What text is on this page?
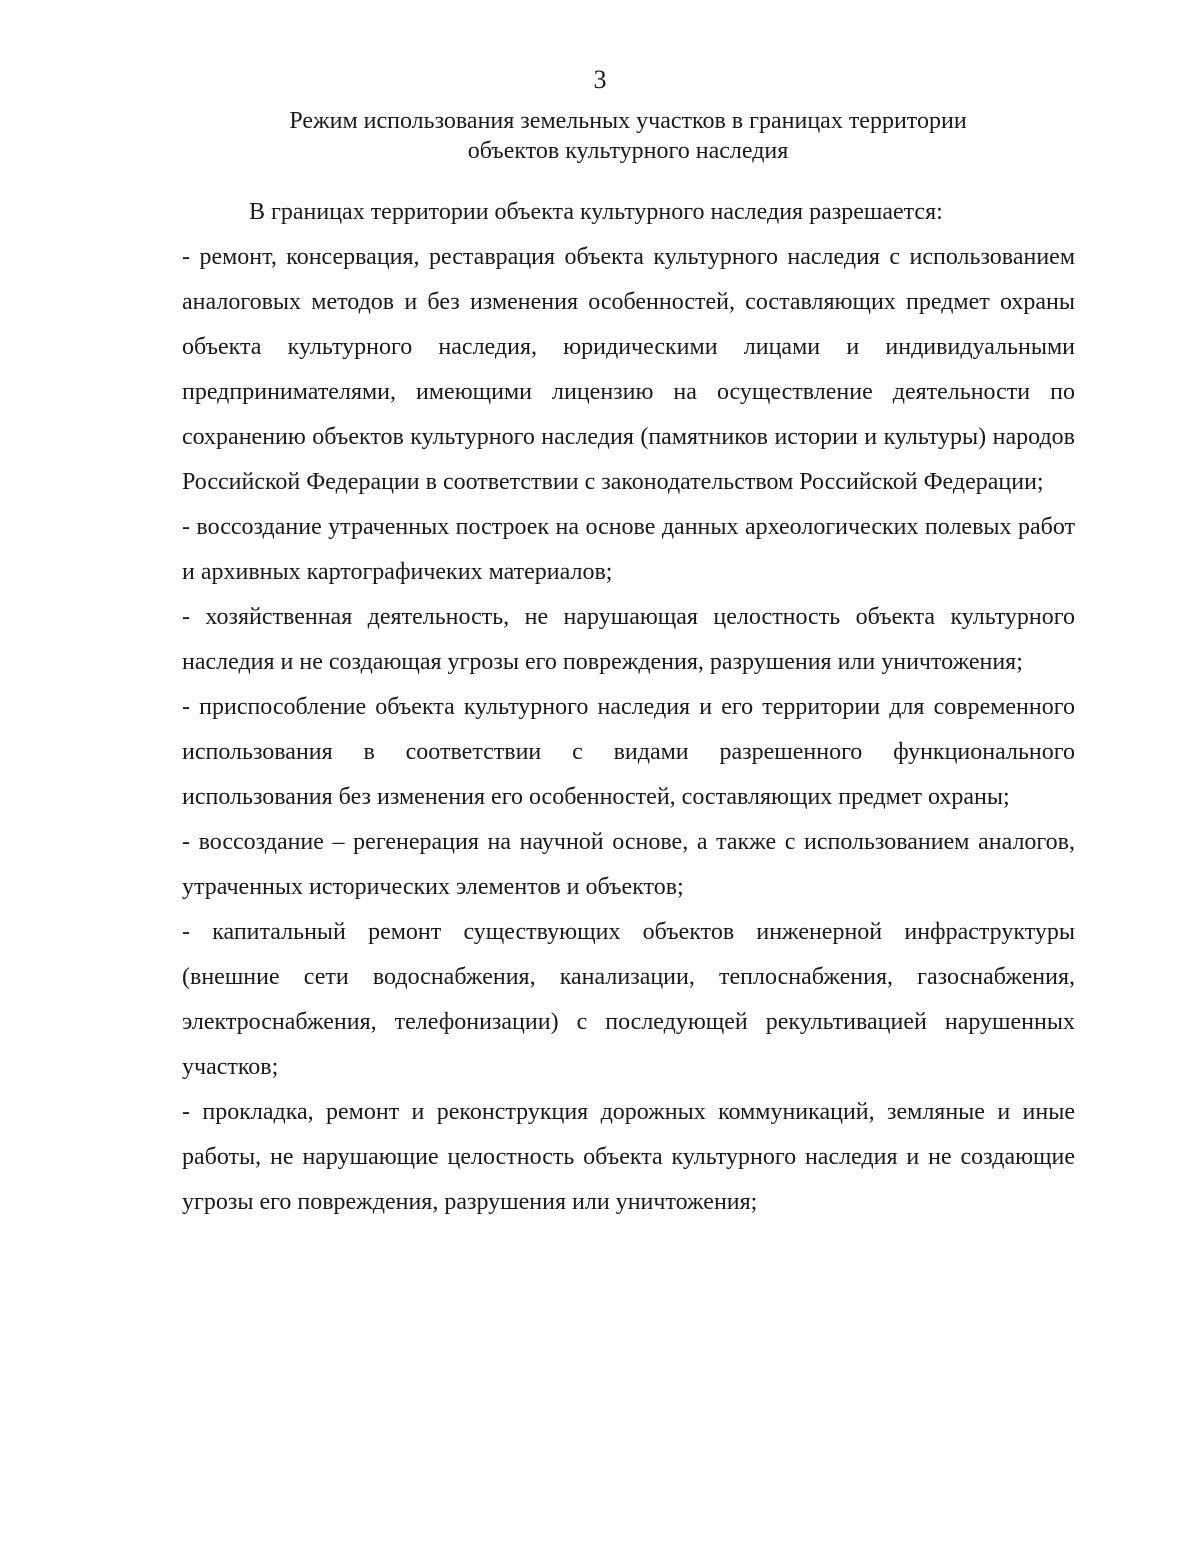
3
Режим использования земельных участков в границах территории
объектов культурного наследия

В границах территории объекта культурного наследия разрешается:

- ремонт, консервация, реставрация объекта культурного наследия с использованием аналоговых методов и без изменения особенностей, составляющих предмет охраны объекта культурного наследия, юридическими лицами и индивидуальными предпринимателями, имеющими лицензию на осуществление деятельности по сохранению объектов культурного наследия (памятников истории и культуры) народов Российской Федерации в соответствии с законодательством Российской Федерации;

- воссоздание утраченных построек на основе данных археологических полевых работ и архивных картографичеких материалов;

- хозяйственная деятельность, не нарушающая целостность объекта культурного наследия и не создающая угрозы его повреждения, разрушения или уничтожения;

- приспособление объекта культурного наследия и его территории для современного использования в соответствии с видами разрешенного функционального использования без изменения его особенностей, составляющих предмет охраны;

- воссоздание – регенерация на научной основе, а также с использованием аналогов, утраченных исторических элементов и объектов;

- капитальный ремонт существующих объектов инженерной инфраструктуры (внешние сети водоснабжения, канализации, теплоснабжения, газоснабжения, электроснабжения, телефонизации) с последующей рекультивацией нарушенных участков;

- прокладка, ремонт и реконструкция дорожных коммуникаций, земляные и иные работы, не нарушающие целостность объекта культурного наследия и не создающие угрозы его повреждения, разрушения или уничтожения;
